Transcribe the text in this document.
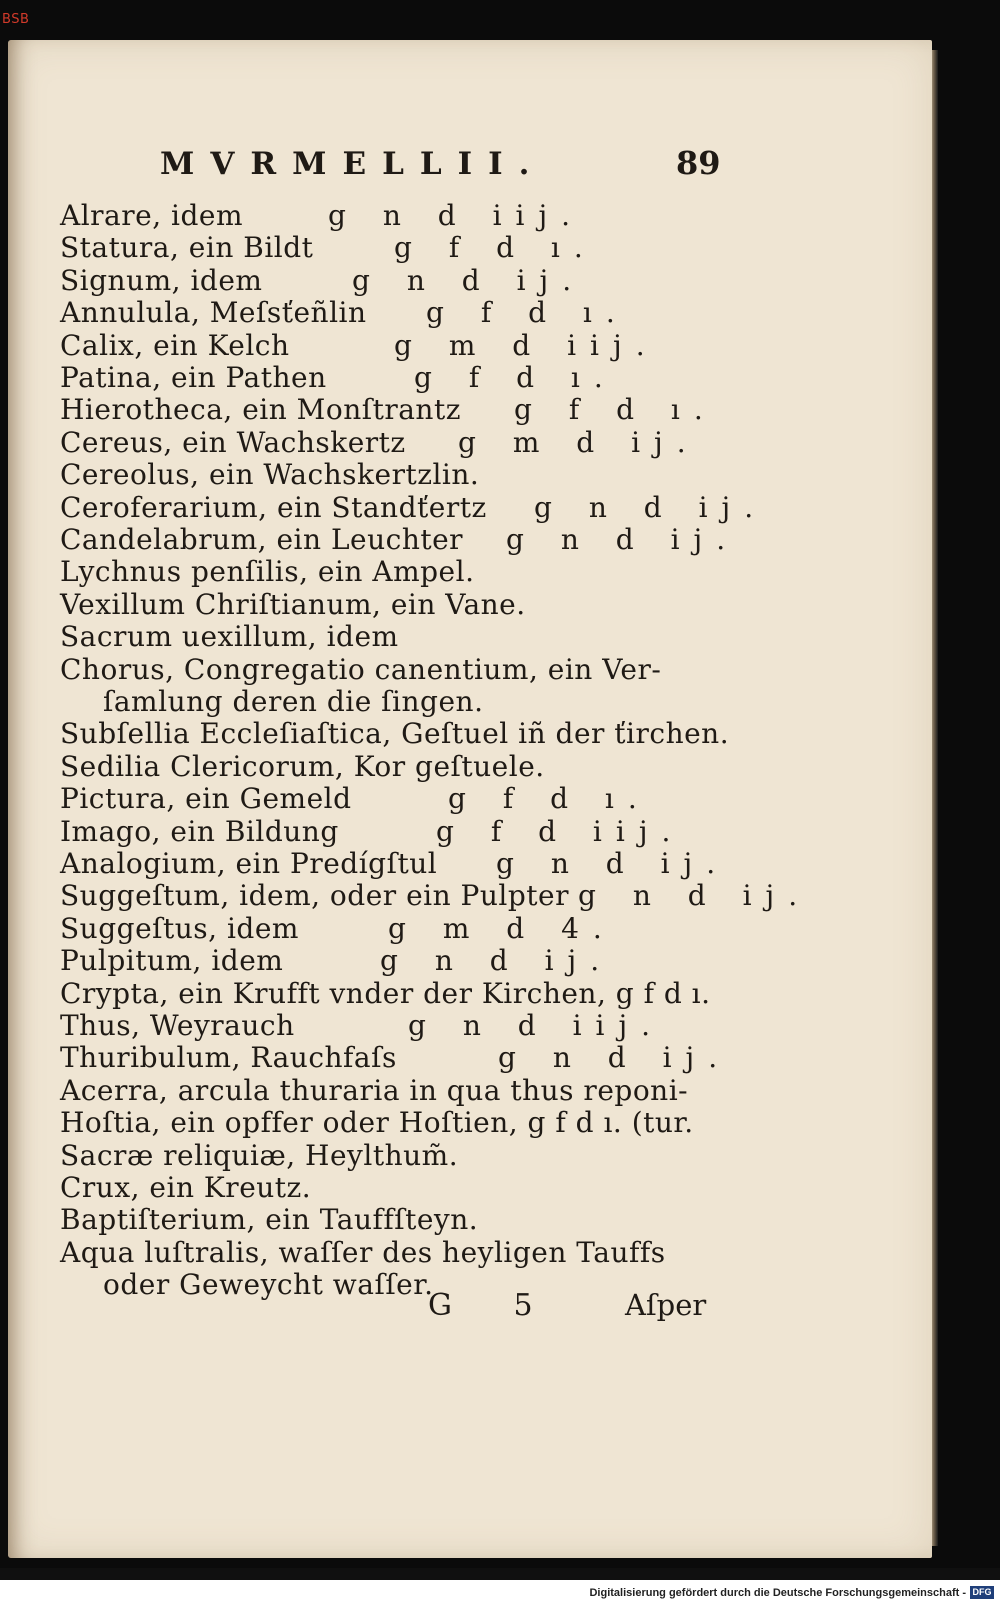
BSB
MVRMELLII.	89
Alrare, idem	g n d iij.
Statura, ein Bildt	g f d ı.
Signum, idem	g n d ij.
Annulula, Meſsťeñlin g f d ı.
Calix, ein Kelch	g m d iij.
Patina, ein Pathen	g f d ı.
Hierotheca, ein Monſtrantz g f d ı.
Cereus, ein Wachskertz g m d ij.
Cereolus, ein Wachskertzlin.
Ceroferarium, ein Standťertz g n d ij.
Candelabrum, ein Leuchter g n d ij.
Lychnus penſilis, ein Ampel.
Vexillum Chriſtianum, ein Vane.
Sacrum uexillum, idem
Chorus, Congregatio canentium, ein Ver-
ſamlung deren die ſingen.
Subſellia Eccleſiaſtica, Geſtuel iñ der ťirchen.
Sedilia Clericorum, Kor geſtuele.
Pictura, ein Gemeld	g f d ı.
Imago, ein Bildung	g f d iij.
Analogium, ein Predígſtul g n d ij.
Suggeſtum, idem, oder ein Pulpter g n d ij.
Suggeſtus, idem	g m d 4.
Pulpitum, idem	g n d ij.
Crypta, ein Krufft vnder der Kirchen, g f d ı.
Thus, Weyrauch	g n d iij.
Thuribulum, Rauchfaſs	g n d ij.
Acerra, arcula thuraria in qua thus reponi-
Hoſtia, ein opffer oder Hoſtien, g f d ı. (tur.
Sacræ reliquiæ, Heylthum̃.
Crux, ein Kreutz.
Baptiſterium, ein Tauffſteyn.
Aqua luſtralis, waſſer des heyligen Tauffs
oder Geweycht waſſer.
G 5 Aſper
Digitalisierung gefördert durch die Deutsche Forschungsgemeinschaft - DFG
